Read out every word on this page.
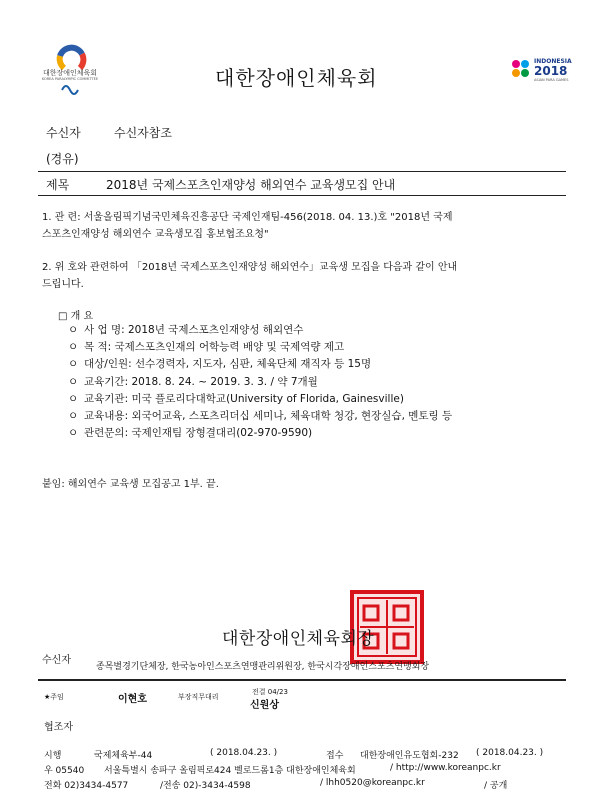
대한장애인체육회
KOREA PARALYMPIC COMMITTEE	대한장애인체육회
INDONESIA
2018
ASIAN PARA GAMES
수신자	수신자참조
(경유)
제목	2018년 국제스포츠인재양성 해외연수 교육생모집 안내
1. 관 련: 서울올림픽기념국민체육진흥공단 국제인재팀-456(2018. 04. 13.)호 "2018년 국제
스포츠인재양성 해외연수 교육생모집 홍보협조요청"
2. 위 호와 관련하여 「2018년 국제스포츠인재양성 해외연수」교육생 모집을 다음과 같이 안내
드립니다.
□ 개 요
ㅇ 사 업 명: 2018년 국제스포츠인재양성 해외연수
ㅇ 목 적: 국제스포츠인재의 어학능력 배양 및 국제역량 제고
ㅇ 대상/인원: 선수경력자, 지도자, 심판, 체육단체 재직자 등 15명
ㅇ 교육기간: 2018. 8. 24. ~ 2019. 3. 3. / 약 7개월
ㅇ 교육기관: 미국 플로리다대학교(University of Florida, Gainesville)
ㅇ 교육내용: 외국어교육, 스포츠리더십 세미나, 체육대학 청강, 현장실습, 멘토링 등
ㅇ 관련문의: 국제인재팀 장형결대리(02-970-9590)
붙임: 해외연수 교육생 모집공고 1부. 끝.
대한장애인체육회장
수신자
종목별경기단체장, 한국농아인스포츠연맹관리위원장, 한국시각장애인스포츠연맹회장
★주임	이현호	부장직무대리
전결 04/23
신원상
협조자
시행	국제체육부-44	( 2018.04.23. )	접수 대한장애인유도협회-232 ( 2018.04.23. )
우 05540 서울특별시 송파구 올림픽로424 벨로드롬1층 대한장애인체육회	/ http://www.koreanpc.kr
전화 02)3434-4577	/전송 02)-3434-4598	/ lhh0520@koreanpc.kr	/ 공개
